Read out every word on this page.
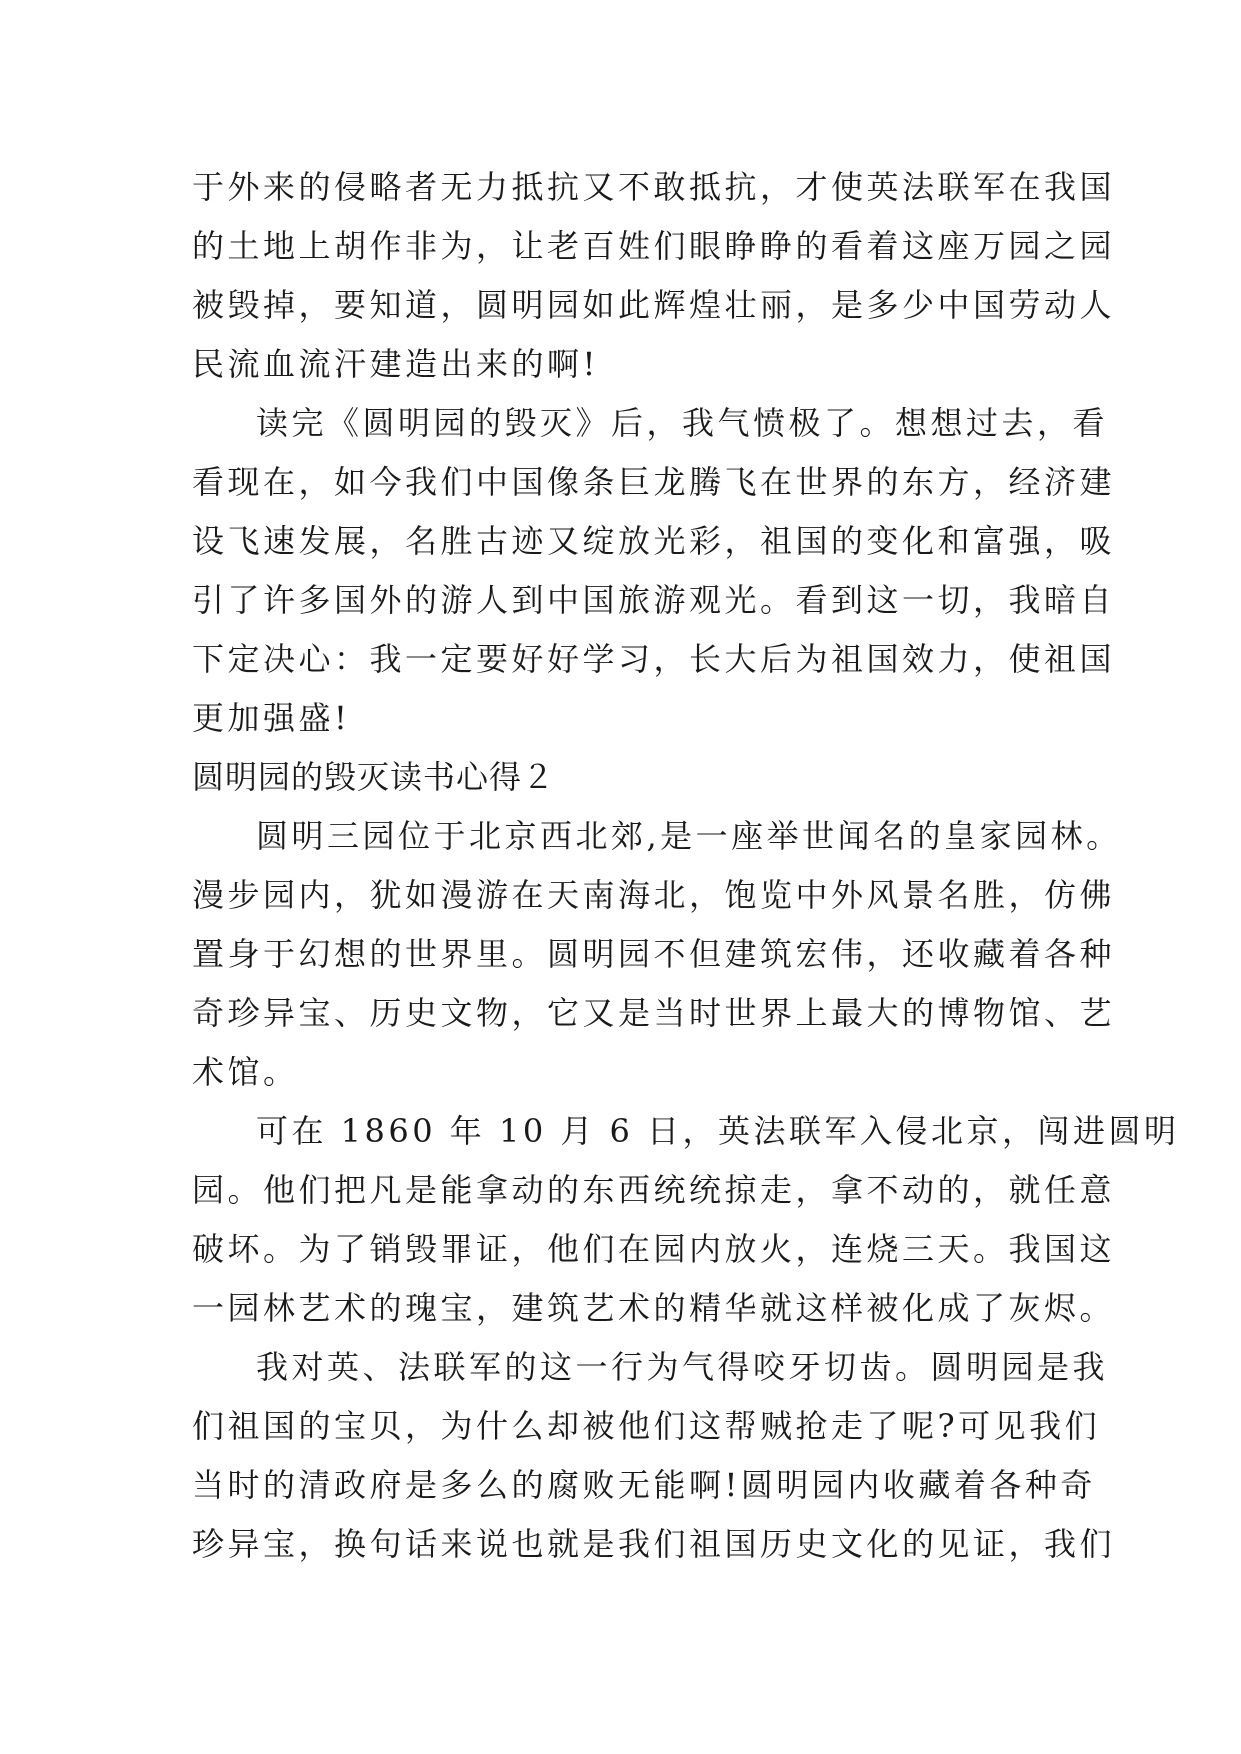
于外来的侵略者无力抵抗又不敢抵抗，才使英法联军在我国
的土地上胡作非为，让老百姓们眼睁睁的看着这座万园之园
被毁掉，要知道，圆明园如此辉煌壮丽，是多少中国劳动人
民流血流汗建造出来的啊!
读完《圆明园的毁灭》后，我气愤极了。想想过去，看
看现在，如今我们中国像条巨龙腾飞在世界的东方，经济建
设飞速发展，名胜古迹又绽放光彩，祖国的变化和富强，吸
引了许多国外的游人到中国旅游观光。看到这一切，我暗自
下定决心：我一定要好好学习，长大后为祖国效力，使祖国
更加强盛!
圆明园的毁灭读书心得２
圆明三园位于北京西北郊,是一座举世闻名的皇家园林。
漫步园内，犹如漫游在天南海北，饱览中外风景名胜，仿佛
置身于幻想的世界里。圆明园不但建筑宏伟，还收藏着各种
奇珍异宝、历史文物，它又是当时世界上最大的博物馆、艺
术馆。
可在 1860 年 10 月 6 日，英法联军入侵北京，闯进圆明
园。他们把凡是能拿动的东西统统掠走，拿不动的，就任意
破坏。为了销毁罪证，他们在园内放火，连烧三天。我国这
一园林艺术的瑰宝，建筑艺术的精华就这样被化成了灰烬。
我对英、法联军的这一行为气得咬牙切齿。圆明园是我
们祖国的宝贝，为什么却被他们这帮贼抢走了呢?可见我们
当时的清政府是多么的腐败无能啊!圆明园内收藏着各种奇
珍异宝，换句话来说也就是我们祖国历史文化的见证，我们
